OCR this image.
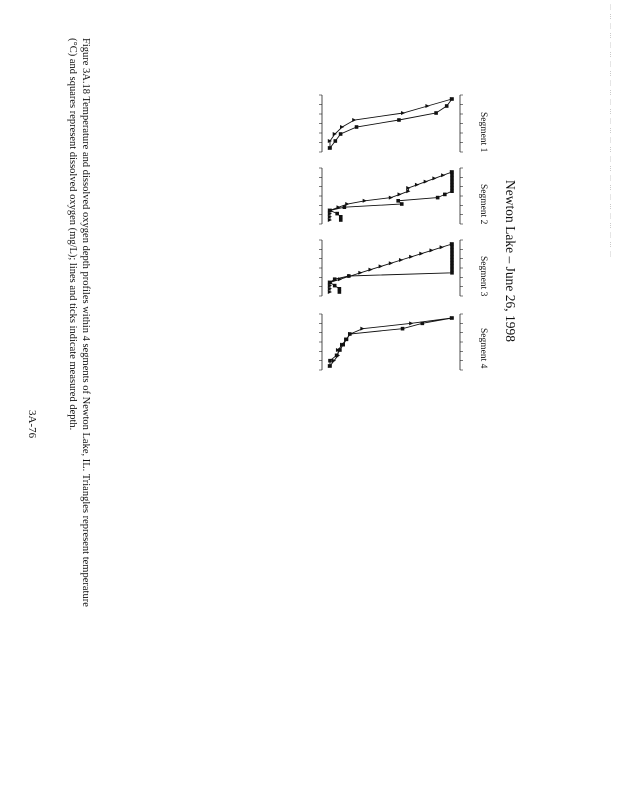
… … … … … … … … … … … … … … … … … … … … … … … … … … …
Figure 3A.18 Temperature and dissolved oxygen depth profiles within 4 segments of Newton Lake, IL. Triangles represent temperature
(°C) and squares represent dissolved oxygen (mg/L); lines and ticks indicate measured depth.
3A-76
Newton Lake – June 26, 1998
Segment 1
Segment 2
Segment 3
Segment 4
